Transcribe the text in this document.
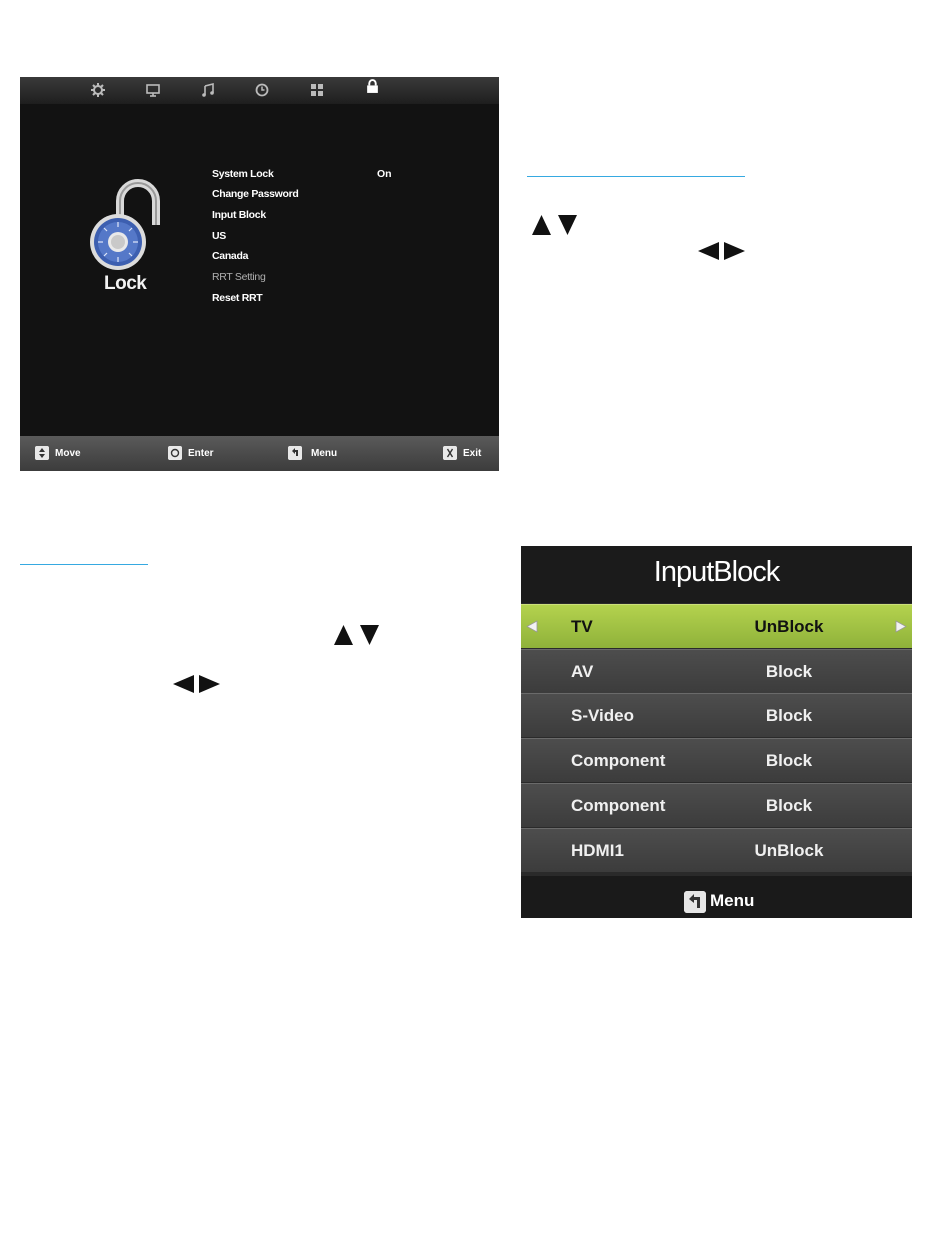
Lock
System Lock	On
Change Password
Input Block
US
Canada
RRT Setting
Reset RRT
Move	Enter	Menu	Exit
InputBlock
TV	UnBlock
AV	Block
S-Video	Block
Component	Block
Component	Block
HDMI1	UnBlock
Menu
